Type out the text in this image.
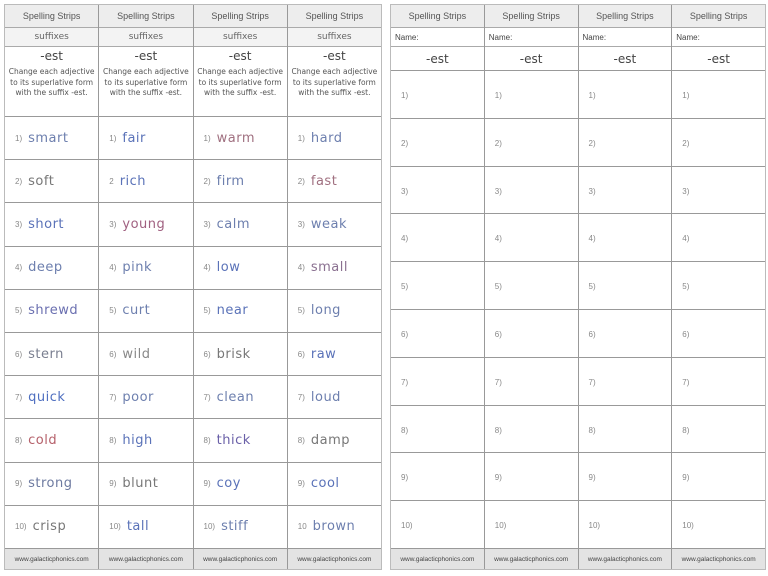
Spelling Strips
suffixes
-est
Change each adjective to its superlative form with the suffix -est.
1) smart
2) soft
3) short
4) deep
5) shrewd
6) stern
7) quick
8) cold
9) strong
10) crisp
www.galacticphonics.com
Spelling Strips
suffixes
-est
Change each adjective to its superlative form with the suffix -est.
1) fair
2 rich
3) young
4) pink
5) curt
6) wild
7) poor
8) high
9) blunt
10) tall
www.galacticphonics.com
Spelling Strips
suffixes
-est
Change each adjective to its superlative form with the suffix -est.
1) warm
2) firm
3) calm
4) low
5) near
6) brisk
7) clean
8) thick
9) coy
10) stiff
www.galacticphonics.com
Spelling Strips
suffixes
-est
Change each adjective to its superlative form with the suffix -est.
1) hard
2) fast
3) weak
4) small
5) long
6) raw
7) loud
8) damp
9) cool
10 brown
www.galacticphonics.com
Spelling Strips
Name:
-est
1)
2)
3)
4)
5)
6)
7)
8)
9)
10)
www.galacticphonics.com
Spelling Strips
Name:
-est
1)
2)
3)
4)
5)
6)
7)
8)
9)
10)
www.galacticphonics.com
Spelling Strips
Name:
-est
1)
2)
3)
4)
5)
6)
7)
8)
9)
10)
www.galacticphonics.com
Spelling Strips
Name:
-est
1)
2)
3)
4)
5)
6)
7)
8)
9)
10)
www.galacticphonics.com
